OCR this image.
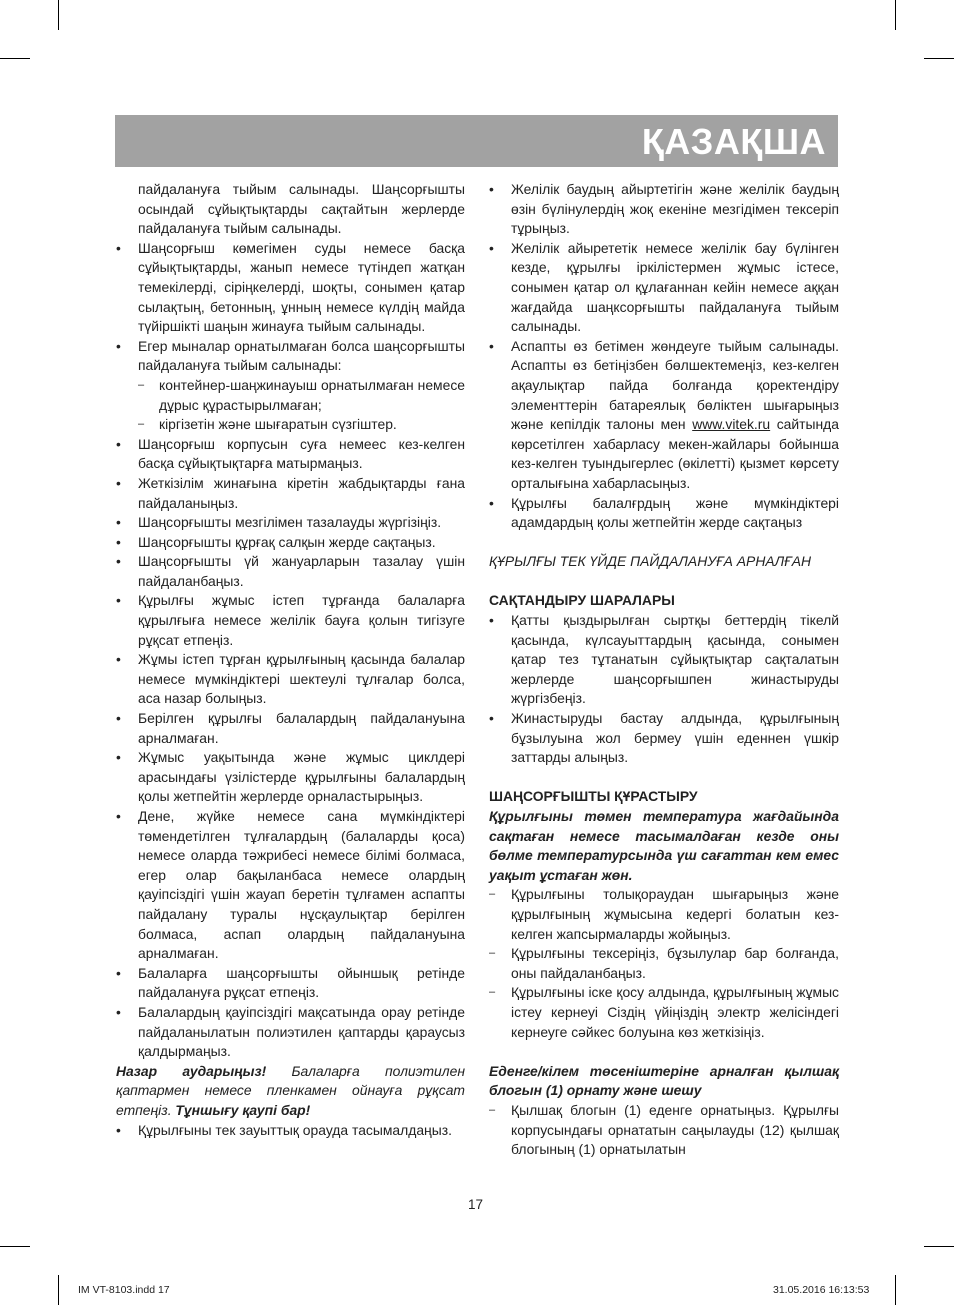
ҚАЗАҚША

пайдалануға тыйым салынады. Шаңсорғышты осындай сұйықтықтарды сақтайтын жерлерде пайдалануға тыйым салынады.

• Шаңсорғыш көмегімен суды немесе басқа сұйықтықтарды, жанып немесе түтіндеп жатқан темекілерді, сіріңкелерді, шоқты, сонымен қатар сылақтың, бетонның, ұнның немесе күлдің майда түйіршікті шаңын жинауға тыйым салынады.

• Егер мыналар орнатылмаған болса шаңсорғышты пайдалануға тыйым салынады:

– контейнер-шаңжинауыш орнатылмаған немесе дұрыс құрастырылмаған;

– кіргізетін және шығаратын сүзгіштер.

• Шаңсорғыш корпусын суға немеес кез-келген басқа сұйықтықтарға матырмаңыз.

• Жеткізілім жинағына кіретін жабдықтарды ғана пайдаланыңыз.

• Шаңсорғышты мезгілімен тазалауды жүргізіңіз.

• Шаңсорғышты құрғақ салқын жерде сақтаңыз.

• Шаңсорғышты үй жануарларын тазалау үшін пайдаланбаңыз.

• Құрылғы жұмыс істеп тұрғанда балаларға құрылғыға немесе желілік бауға қолын тигізуге рұқсат етпеңіз.

• Жұмы істеп тұрған құрылғының қасында балалар немесе мүмкіндіктері шектеулі тұлғалар болса, аса назар болыңыз.

• Берілген құрылғы балалардың пайдалануына арналмаған.

• Жұмыс уақытында және жұмыс циклдері арасындағы үзілістерде құрылғыны балалардың қолы жетпейтін жерлерде орналастырыңыз.

• Дене, жүйке немесе сана мүмкіндіктері төмендетілген тұлғалардың (балаларды қоса) немесе оларда тәжрибесі немесе білімі болмаса, егер олар бақыланбаса немесе олардың қауіпсіздігі үшін жауап беретін тұлғамен аспапты пайдалану туралы нұсқаулықтар берілген болмаса, аспап олардың пайдалануына арналмаған.

• Балаларға шаңсорғышты ойыншық ретінде пайдалануға рұқсат етпеңіз.

• Балалардың қауіпсіздігі мақсатында орау ретінде пайдаланылатын полиэтилен қаптарды қараусыз қалдырмаңыз.

Назар аударыңыз! Балаларға полиэтилен қаптармен немесе пленкамен ойнауға рұқсат етпеңіз. Тұншығу қаупі бар!

• Құрылғыны тек зауыттық орауда тасымалдаңыз.

• Желілік баудың айыртетігін және желілік баудың өзін бүлінулердің жоқ екеніне мезгідімен тексеріп тұрыңыз.

• Желілік айырететік немесе желілік бау бүлінген кезде, құрылғы іркілістермен жұмыс істесе, сонымен қатар ол құлағаннан кейін немесе аққан жағдайда шаңксорғышты пайдалануға тыйым салынады.

• Аспапты өз бетімен жөндеуге тыйым салынады. Аспапты өз бетіңізбен бөлшектемеңіз, кез-келген ақаулықтар пайда болғанда қоректендіру элементтерін батареялық бөліктен шығарыңыз және кепілдік талоны мен www.vitek.ru сайтында көрсетілген хабарласу мекен-жайлары бойынша кез-келген туындыгерлес (өкілетті) қызмет көрсету орталығына хабарласыңыз.

• Құрылғы балалғрдың және мүмкіндіктері адамдардың қолы жетпейтін жерде сақтаңыз

ҚҰРЫЛҒЫ ТЕК ҮЙДЕ ПАЙДАЛАНУҒА АРНАЛҒАН

САҚТАНДЫРУ ШАРАЛАРЫ

• Қатты қыздырылған сыртқы беттердің тікелй қасында, күлсауыттардың қасында, сонымен қатар тез тұтанатын сұйықтықтар сақталатын жерлерде шаңсорғышпен жинастыруды жүргізбеңіз.

• Жинастыруды бастау алдында, құрылғының бұзылуына жол бермеу үшін еденнен үшкір заттарды алыңыз.

ШАҢСОРҒЫШТЫ ҚҰРАСТЫРУ

Құрылғыны төмен температура жағдайында сақтаған немесе тасымалдаған кезде оны бөлме температурсында үш сағаттан кем емес уақыт ұстаған жөн.

– Құрылғыны толықораудан шығарыңыз және құрылғының жұмысына кедергі болатын кез-келген жапсырмаларды жойыңыз.

– Құрылғыны тексеріңіз, бұзылулар бар болғанда, оны пайдаланбаңыз.

– Құрылғыны іске қосу алдында, құрылғының жұмыс істеу кернеуі Сіздің үйіңіздің электр желісіндегі кернеуге сәйкес болуына көз жеткізіңіз.

Еденге/кілем төсеніштеріне арналған қылшақ блогын (1) орнату және шешу

– Қылшақ блогын (1) еденге орнатыңыз. Құрылғы корпусындағы орнататын саңылауды (12) қылшақ блогының (1) орнатылатын

17
IM VT-8103.indd 17	31.05.2016 16:13:53
